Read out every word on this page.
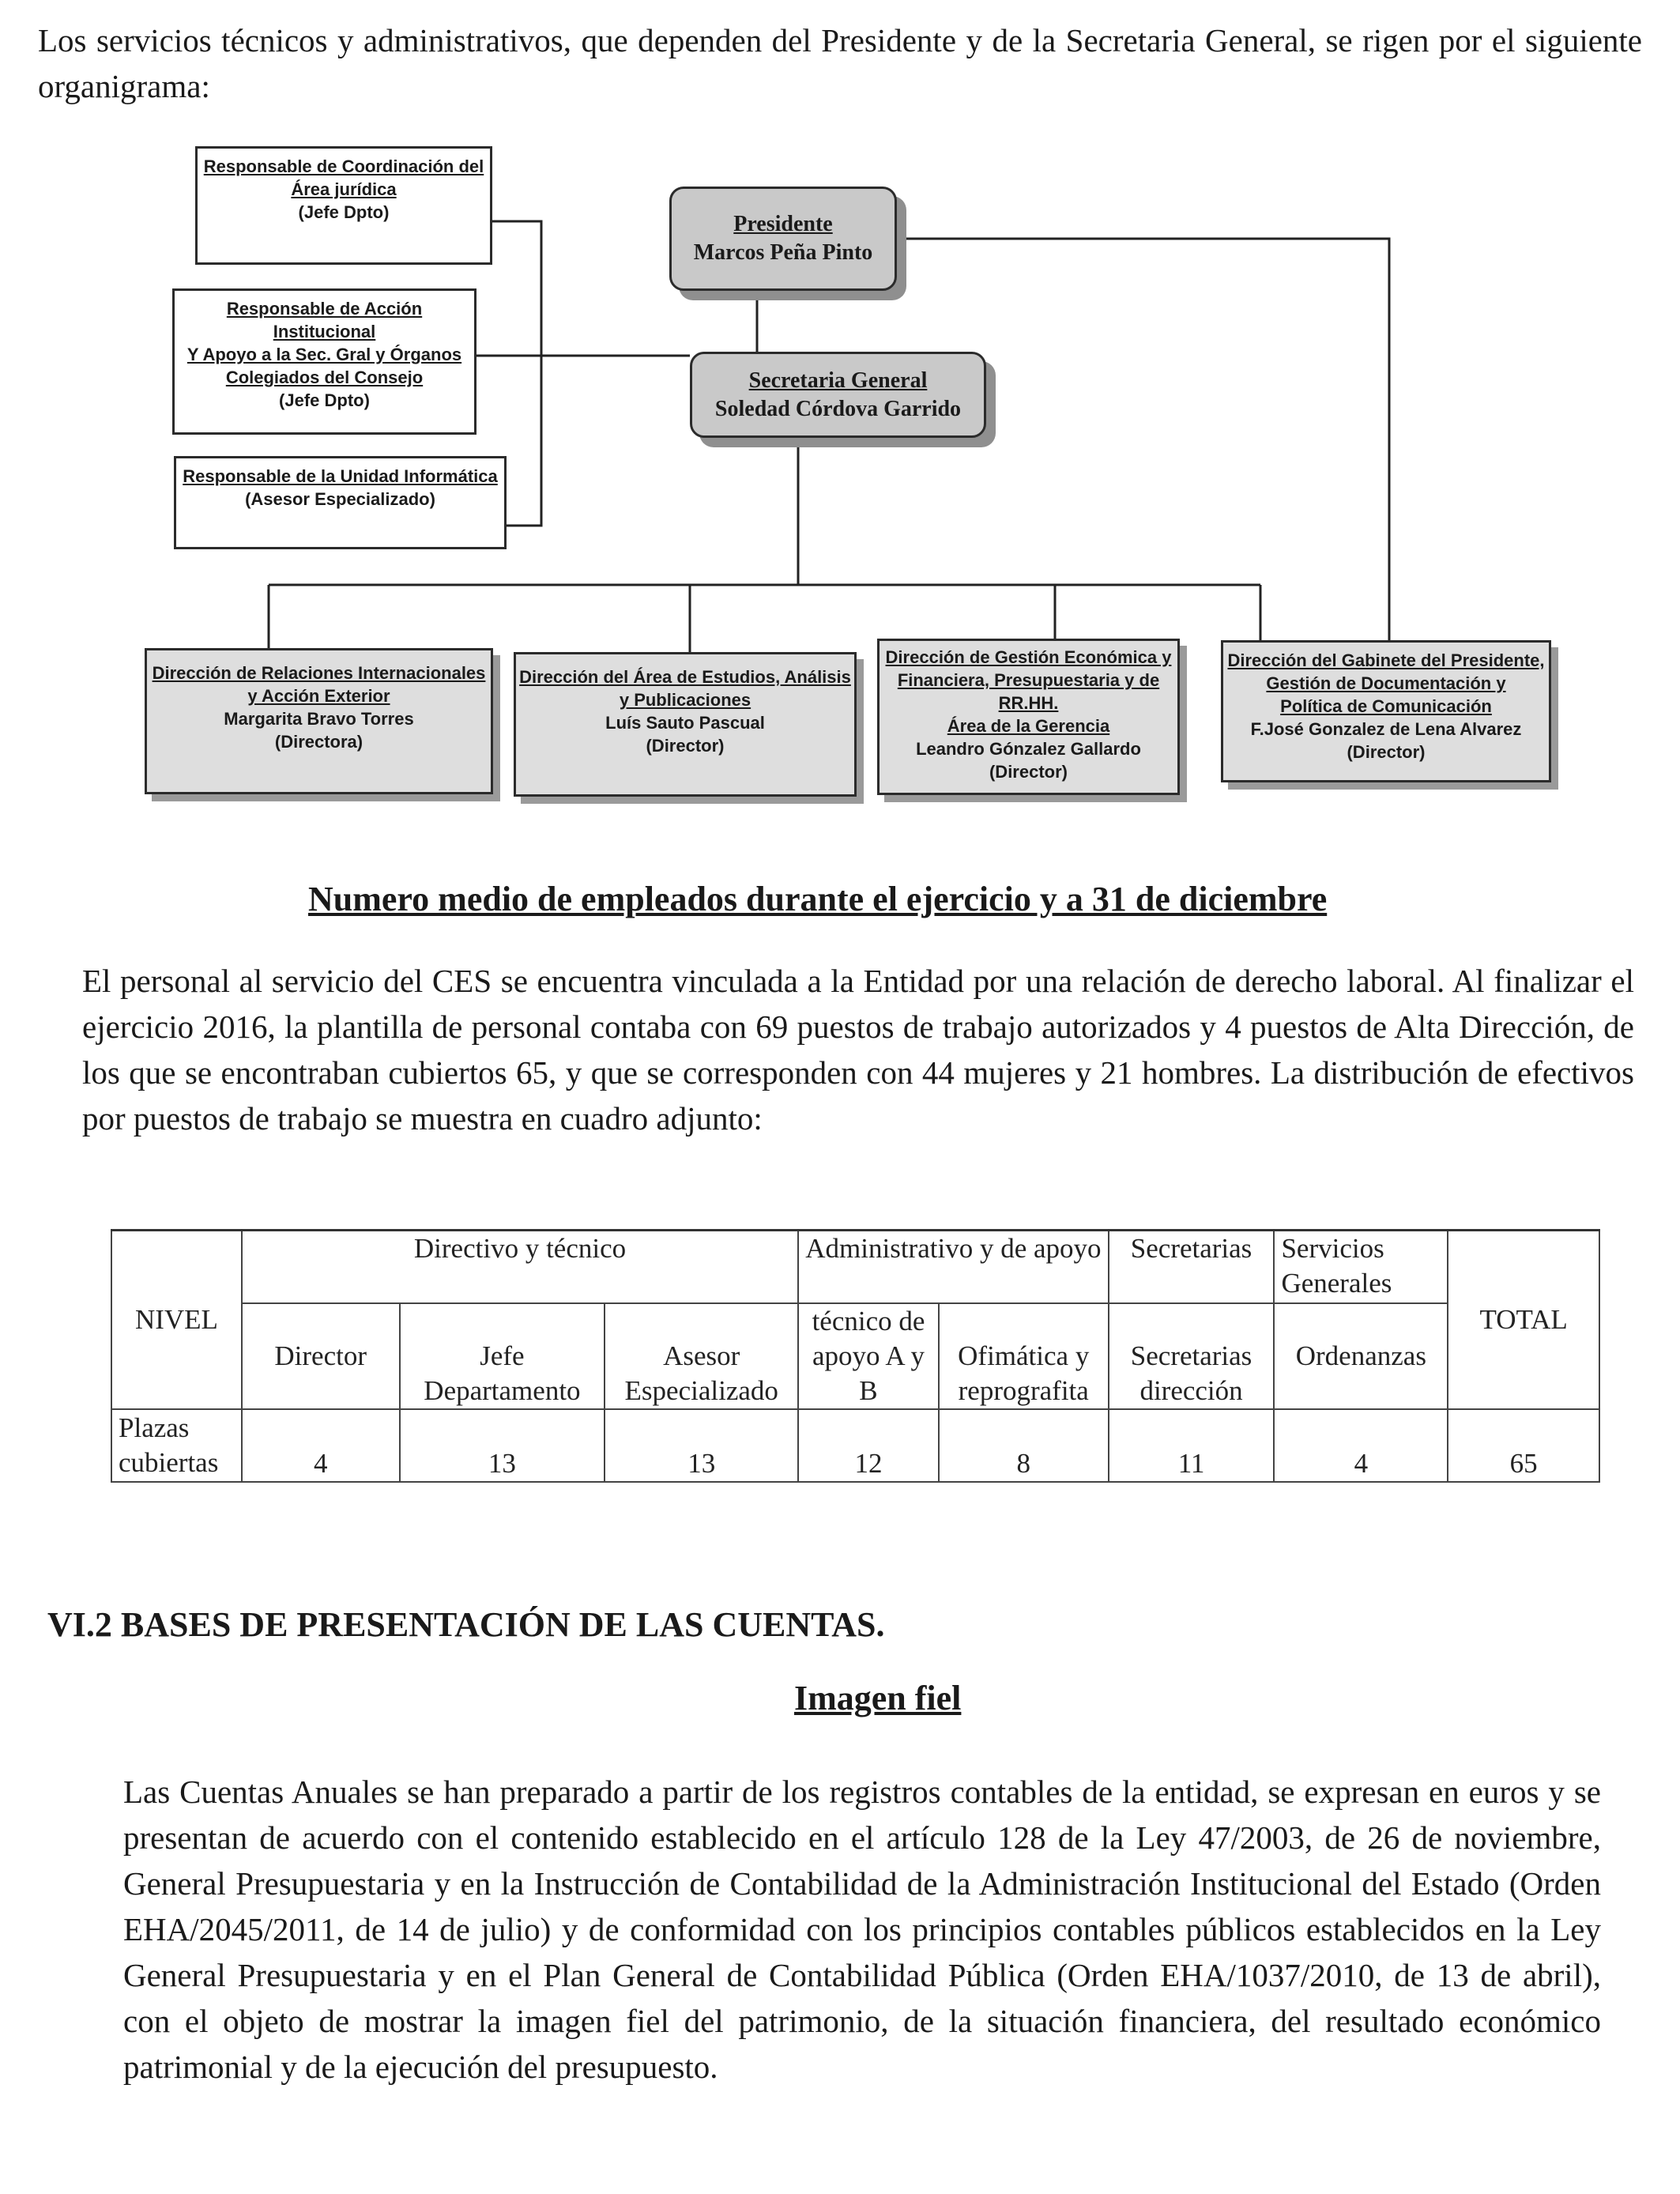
Los servicios técnicos y administrativos, que dependen del Presidente y de la Secretaria General, se rigen por el siguiente organigrama:

Responsable de Coordinación del
Área jurídica
(Jefe Dpto)
Responsable de Acción Institucional
Y Apoyo a la Sec. Gral y Órganos
Colegiados del Consejo
(Jefe Dpto)
Responsable de la Unidad Informática
(Asesor Especializado)
Presidente
Marcos Peña Pinto
Secretaria General
Soledad Córdova Garrido
Dirección de Relaciones Internacionales
y Acción Exterior
Margarita Bravo Torres
(Directora)
Dirección del Área de Estudios, Análisis
y Publicaciones
Luís Sauto Pascual
(Director)
Dirección de Gestión Económica y
Financiera, Presupuestaria y de
RR.HH.
Área de la Gerencia
Leandro Gónzalez Gallardo
(Director)
Dirección del Gabinete del Presidente,
Gestión de Documentación y
Política de Comunicación
F.José Gonzalez de Lena Alvarez
(Director)
Numero medio de empleados durante el ejercicio y a 31 de diciembre

El personal al servicio del CES se encuentra vinculada a la Entidad por una relación de derecho laboral. Al finalizar el ejercicio 2016, la plantilla de personal contaba con 69 puestos de trabajo autorizados y 4 puestos de Alta Dirección, de los que se encontraban cubiertos 65, y que se corresponden con 44 mujeres y 21 hombres. La distribución de efectivos por puestos de trabajo se muestra en cuadro adjunto:

NIVEL	Directivo y técnico			Administrativo y de apoyo		Secretarias	Servicios Generales	TOTAL
	Director	Jefe Departamento	Asesor Especializado	técnico de apoyo A y B	Ofimática y reprografita	Secretarias dirección	Ordenanzas	
Plazas cubiertas	4	13	13	12	8	11	4	65
VI.2 BASES DE PRESENTACIÓN DE LAS CUENTAS.
Imagen fiel

Las Cuentas Anuales se han preparado a partir de los registros contables de la entidad, se expresan en euros y se presentan de acuerdo con el contenido establecido en el artículo 128 de la Ley 47/2003, de 26 de noviembre, General Presupuestaria y en la Instrucción de Contabilidad de la Administración Institucional del Estado (Orden EHA/2045/2011, de 14 de julio) y de conformidad con los principios contables públicos establecidos en la Ley General Presupuestaria y en el Plan General de Contabilidad Pública (Orden EHA/1037/2010, de 13 de abril), con el objeto de mostrar la imagen fiel del patrimonio, de la situación financiera, del resultado económico patrimonial y de la ejecución del presupuesto.
